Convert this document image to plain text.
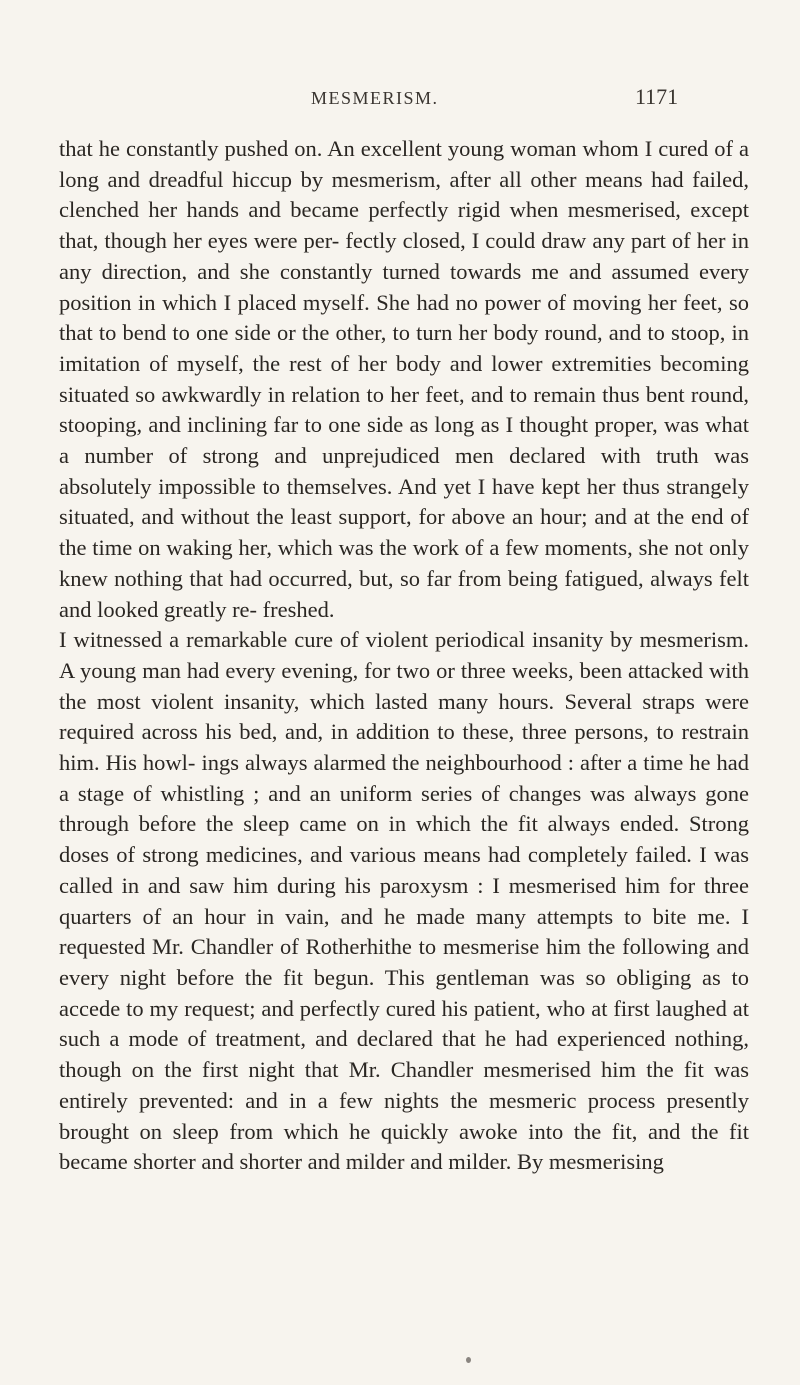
MESMERISM.	1171

that he constantly pushed on. An excellent young woman whom I cured of a long and dreadful hiccup by mesmerism, after all other means had failed, clenched her hands and became perfectly rigid when mesmerised, except that, though her eyes were per- fectly closed, I could draw any part of her in any direction, and she constantly turned towards me and assumed every position in which I placed myself. She had no power of moving her feet, so that to bend to one side or the other, to turn her body round, and to stoop, in imitation of myself, the rest of her body and lower extremities becoming situated so awkwardly in relation to her feet, and to remain thus bent round, stooping, and inclining far to one side as long as I thought proper, was what a number of strong and unprejudiced men declared with truth was absolutely impossible to themselves. And yet I have kept her thus strangely situated, and without the least support, for above an hour; and at the end of the time on waking her, which was the work of a few moments, she not only knew nothing that had occurred, but, so far from being fatigued, always felt and looked greatly re- freshed.

I witnessed a remarkable cure of violent periodical insanity by mesmerism. A young man had every evening, for two or three weeks, been attacked with the most violent insanity, which lasted many hours. Several straps were required across his bed, and, in addition to these, three persons, to restrain him. His howl- ings always alarmed the neighbourhood : after a time he had a stage of whistling ; and an uniform series of changes was always gone through before the sleep came on in which the fit always ended. Strong doses of strong medicines, and various means had completely failed. I was called in and saw him during his paroxysm : I mesmerised him for three quarters of an hour in vain, and he made many attempts to bite me. I requested Mr. Chandler of Rotherhithe to mesmerise him the following and every night before the fit begun. This gentleman was so obliging as to accede to my request; and perfectly cured his patient, who at first laughed at such a mode of treatment, and declared that he had experienced nothing, though on the first night that Mr. Chandler mesmerised him the fit was entirely prevented: and in a few nights the mesmeric process presently brought on sleep from which he quickly awoke into the fit, and the fit became shorter and shorter and milder and milder. By mesmerising
